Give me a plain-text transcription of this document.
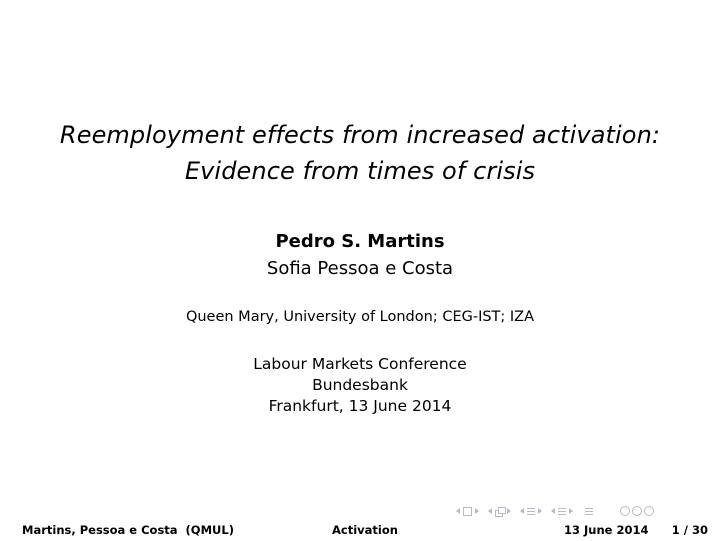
Reemployment effects from increased activation:
Evidence from times of crisis
Pedro S. Martins
Sofia Pessoa e Costa
Queen Mary, University of London; CEG-IST; IZA
Labour Markets Conference
Bundesbank
Frankfurt, 13 June 2014
Martins, Pessoa e Costa  (QMUL)	Activation	13 June 2014 1 / 30
